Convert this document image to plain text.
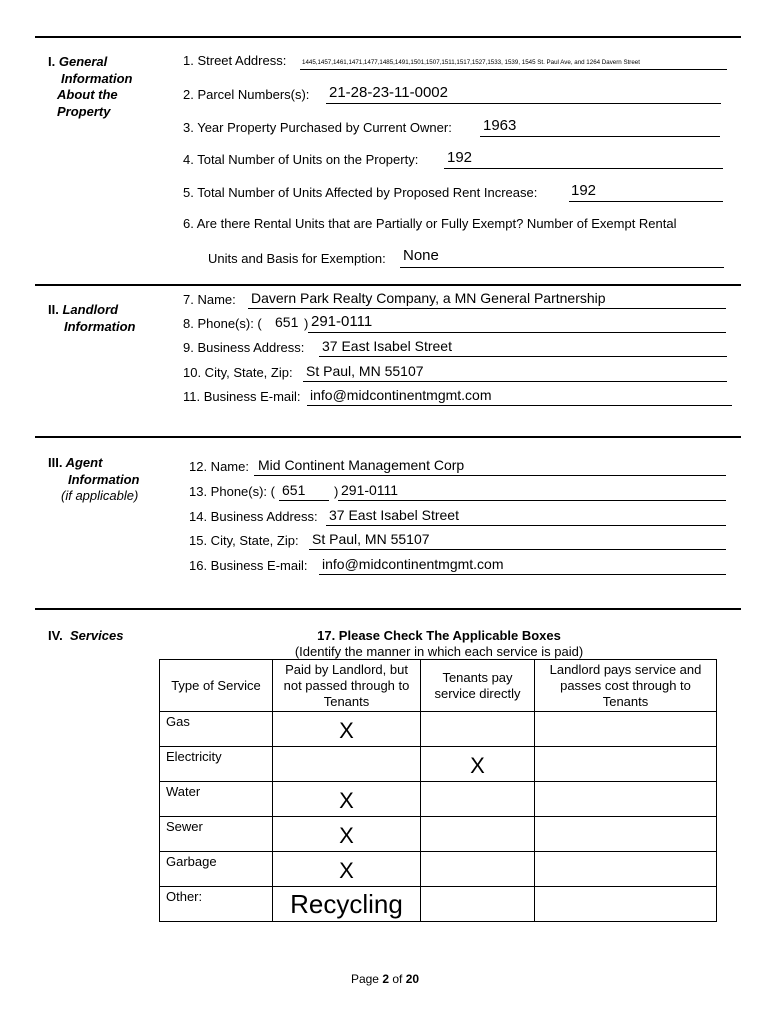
I. General
Information
About the
Property
1. Street Address:	1445,1457,1461,1471,1477,1485,1491,1501,1507,1511,1517,1527,1533, 1539, 1545 St. Paul Ave, and 1264 Davern Street
2. Parcel Numbers(s): 21-28-23-11-0002
3. Year Property Purchased by Current Owner: 1963
4. Total Number of Units on the Property: 192
5. Total Number of Units Affected by Proposed Rent Increase: 192
6. Are there Rental Units that are Partially or Fully Exempt? Number of Exempt Rental
Units and Basis for Exemption: None
II. Landlord
Information
7. Name: Davern Park Realty Company, a MN General Partnership
8. Phone(s): ( 651 ) 291-0111
9. Business Address: 37 East Isabel Street
10. City, State, Zip: St Paul, MN 55107
11. Business E-mail: info@midcontinentmgmt.com
III. Agent
Information
(if applicable)
12. Name: Mid Continent Management Corp
13. Phone(s): ( 651 ) 291-0111
14. Business Address: 37 East Isabel Street
15. City, State, Zip: St Paul, MN 55107
16. Business E-mail: info@midcontinentmgmt.com
IV. Services	17. Please Check The Applicable Boxes
(Identify the manner in which each service is paid)
Type of Service	Paid by Landlord, but not passed through to Tenants	Tenants pay service directly	Landlord pays service and passes cost through to Tenants
Gas	X		
Electricity		X	
Water	X		
Sewer	X		
Garbage	X		
Other:	Recycling		
Page 2 of 20
